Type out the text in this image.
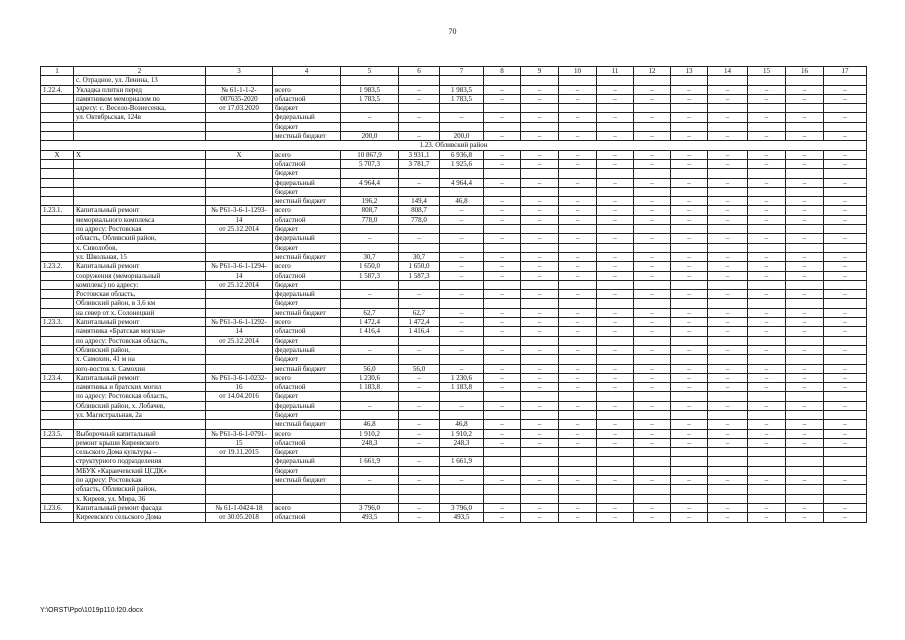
70
1	2	3	4	5	6	7	8	9	10	11	12	13	14	15	16	17
	с. Отрадное, ул. Ленина, 13															
1.22.4.	Укладка плитки перед	№ 61-1-1-2-	всего	1 983,5	–	1 983,5	–	–	–	–	–	–	–	–	–	–
	памятником мемориалом по	007635-2020	областной	1 783,5	–	1 783,5	–	–	–	–	–	–	–	–	–	–
	адресу: с. Весело-Вознесенка,	от 17.03.2020	бюджет													
	ул. Октябрьская, 124в		федеральный	–	–	–	–	–	–	–	–	–	–	–	–	–
			бюджет													
			местный бюджет	200,0	–	200,0	–	–	–	–	–	–	–	–	–	–
1.23. Обливский район																
X	X	X	всего	10 867,9	3 931,1	6 936,8	–	–	–	–	–	–	–	–	–	–
			областной	5 707,3	3 781,7	1 925,6	–	–	–	–	–	–	–	–	–	–
			бюджет													
			федеральный	4 964,4	–	4 964,4	–	–	–	–	–	–	–	–	–	–
			бюджет													
			местный бюджет	196,2	149,4	46,8	–	–	–	–	–	–	–	–	–	–
1.23.1.	Капитальный ремонт	№ Р61-3-6-1-1293-	всего	808,7	808,7	–	–	–	–	–	–	–	–	–	–	–
	мемориального комплекса	14	областной	778,0	778,0	–	–	–	–	–	–	–	–	–	–	–
	по адресу: Ростовская	от 25.12.2014	бюджет													
	область, Обливский район,		федеральный	–	–	–	–	–	–	–	–	–	–	–	–	–
	х. Сиволобов,		бюджет													
	ул. Школьная, 15		местный бюджет	30,7	30,7	–	–	–	–	–	–	–	–	–	–	–
1.23.2.	Капитальный ремонт	№ Р61-3-6-1-1294-	всего	1 650,0	1 650,0	–	–	–	–	–	–	–	–	–	–	–
	сооружения (мемориальный	14	областной	1 587,3	1 587,3	–	–	–	–	–	–	–	–	–	–	–
	комплекс) по адресу:	от 25.12.2014	бюджет													
	Ростовская область,		федеральный	–	–	–	–	–	–	–	–	–	–	–	–	–
	Обливский район, в 3,6 км		бюджет													
	на север от х. Солонецкий		местный бюджет	62,7	62,7	–	–	–	–	–	–	–	–	–	–	–
1.23.3.	Капитальный ремонт	№ Р61-3-6-1-1292-	всего	1 472,4	1 472,4	–	–	–	–	–	–	–	–	–	–	–
	памятника «Братская могила»	14	областной	1 416,4	1 416,4	–	–	–	–	–	–	–	–	–	–	–
	по адресу: Ростовская область,	от 25.12.2014	бюджет													
	Обливский район,		федеральный	–	–	–	–	–	–	–	–	–	–	–	–	–
	х. Самохин, 41 м на		бюджет													
	юго-восток х. Самохин		местный бюджет	56,0	56,0	–	–	–	–	–	–	–	–	–	–	–
1.23.4.	Капитальный ремонт	№ Р61-3-6-1-0232-	всего	1 230,6	–	1 230,6	–	–	–	–	–	–	–	–	–	–
	памятника и братских могил	16	областной	1 183,8	–	1 183,8	–	–	–	–	–	–	–	–	–	–
	по адресу: Ростовская область,	от 14.04.2016	бюджет													
	Обливский район, х. Лобачев,		федеральный	–	–	–	–	–	–	–	–	–	–	–	–	–
	ул. Магистральная, 2а		бюджет													
			местный бюджет	46,8	–	46,8	–	–	–	–	–	–	–	–	–	–
1.23.5.	Выборочный капитальный	№ Р61-3-6-1-0791-	всего	1 910,2	–	1 910,2	–	–	–	–	–	–	–	–	–	–
	ремонт крыши Киреевского	15	областной	248,3	–	248,3	–	–	–	–	–	–	–	–	–	–
	сельского Дома культуры –	от 19.11.2015	бюджет													
	структурного подразделения		федеральный	1 661,9	–	1 661,9										
	МБУК «Караичевский ЦСДК»		бюджет													
	по адресу: Ростовская		местный бюджет	–	–	–	–	–	–	–	–	–	–	–	–	–
	область, Обливский район,															
	х. Киреев, ул. Мира, 36															
1.23.6.	Капитальный ремонт фасада	№ 61-1-0424-18	всего	3 796,0	–	3 796,0	–	–	–	–	–	–	–	–	–	–
	Киреевского сельского Дома	от 30.05.2018	областной	493,5	–	493,5	–	–	–	–	–	–	–	–	–	–
Y:\ORST\Ppo\1019p110.f20.docx
